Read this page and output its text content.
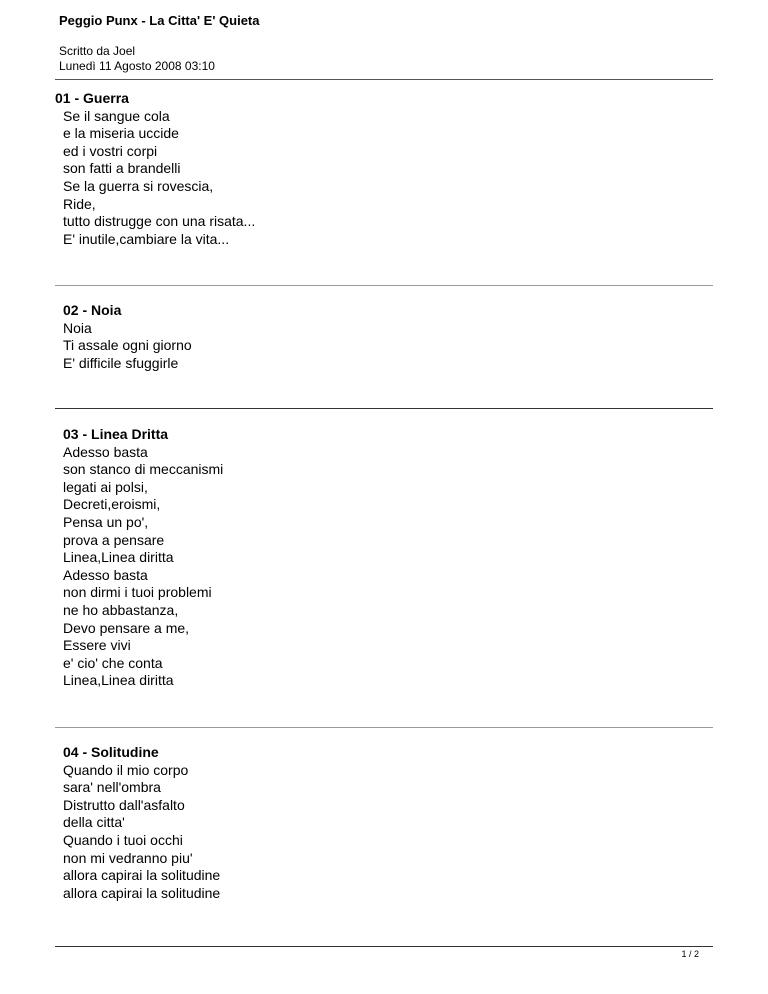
Peggio Punx - La Citta' E' Quieta
Scritto da Joel
Lunedì 11 Agosto 2008 03:10
01 - Guerra
Se il sangue cola
e la miseria uccide
ed i vostri corpi
son fatti a brandelli
Se la guerra si rovescia,
Ride,
tutto distrugge con una risata...
E' inutile,cambiare la vita...
02 - Noia
Noia
Ti assale ogni giorno
E' difficile sfuggirle
03 - Linea Dritta
Adesso basta
son stanco di meccanismi
legati ai polsi,
Decreti,eroismi,
Pensa un po',
prova a pensare
Linea,Linea diritta
Adesso basta
non dirmi i tuoi problemi
ne ho abbastanza,
Devo pensare a me,
Essere vivi
e' cio' che conta
Linea,Linea diritta
04 - Solitudine
Quando il mio corpo
sara' nell'ombra
Distrutto dall'asfalto
della citta'
Quando i tuoi occhi
non mi vedranno piu'
allora capirai la solitudine
allora capirai la solitudine
1 / 2
